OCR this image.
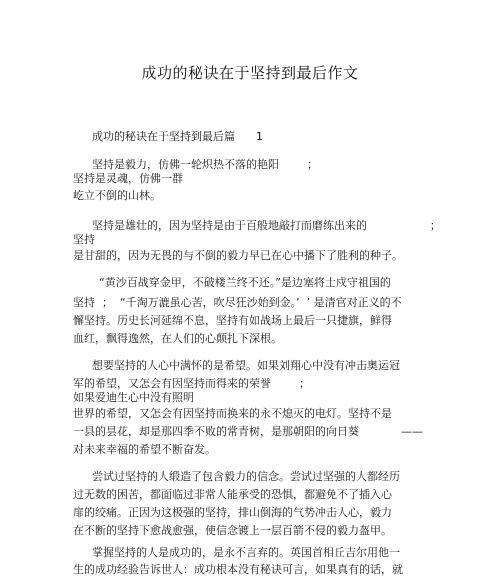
成功的秘诀在于坚持到最后作文
成功的秘诀在于坚持到最后篇      1
坚持是毅力，仿佛一轮炽热不落的艳阳        ；
坚持是灵魂，仿佛一群
屹立不倒的山林。
坚持是雄壮的，因为坚持是由于百般地敲打而磨练出来的                  ；
坚持
是甘甜的，因为无畏的与不倒的毅力早已在心中播下了胜利的种子。
“黄沙百战穿金甲，不破楼兰终不还。”是边塞将士戍守祖国的
坚持  ；  “千淘万漉虽心苦，吹尽狂沙始到金。’  ’ 是清官对正义的不
懈坚持。历史长河延绵不息，坚持有如战场上最后一只捷旗，鲜得
血红，飘得逸然，在人们的心颠扎下深根。
想要坚持的人心中满怀的是希望。如果刘翔心中没有冲击奥运冠
军的希望，又怎会有因坚持而得来的荣誉        ；
如果爱迪生心中没有照明
世界的希望，又怎会有因坚持而换来的永不熄灭的电灯。坚持不是
一县的昙花，却是那四季不败的常青树，是那朝阳的向日葵            ——
对未来幸福的希望不断奋发。
尝试过坚持的人缎造了包含毅力的信念。尝试过坚强的人都经历
过无数的困苦，都面临过非常人能承受的恐惧，都避免不了插入心
扉的绞痛。正因为这极强的坚持，排山倒海的气势冲击人心，毅力
在不断的坚持下愈战愈强，使信念镀上一层百箭不侵的毅力盔甲。
掌握坚持的人是成功的，是永不言弃的。英国首相丘吉尔用他一
生的成功经验告诉世人：成功根本没有秘诀可言，如果真有的话，就
